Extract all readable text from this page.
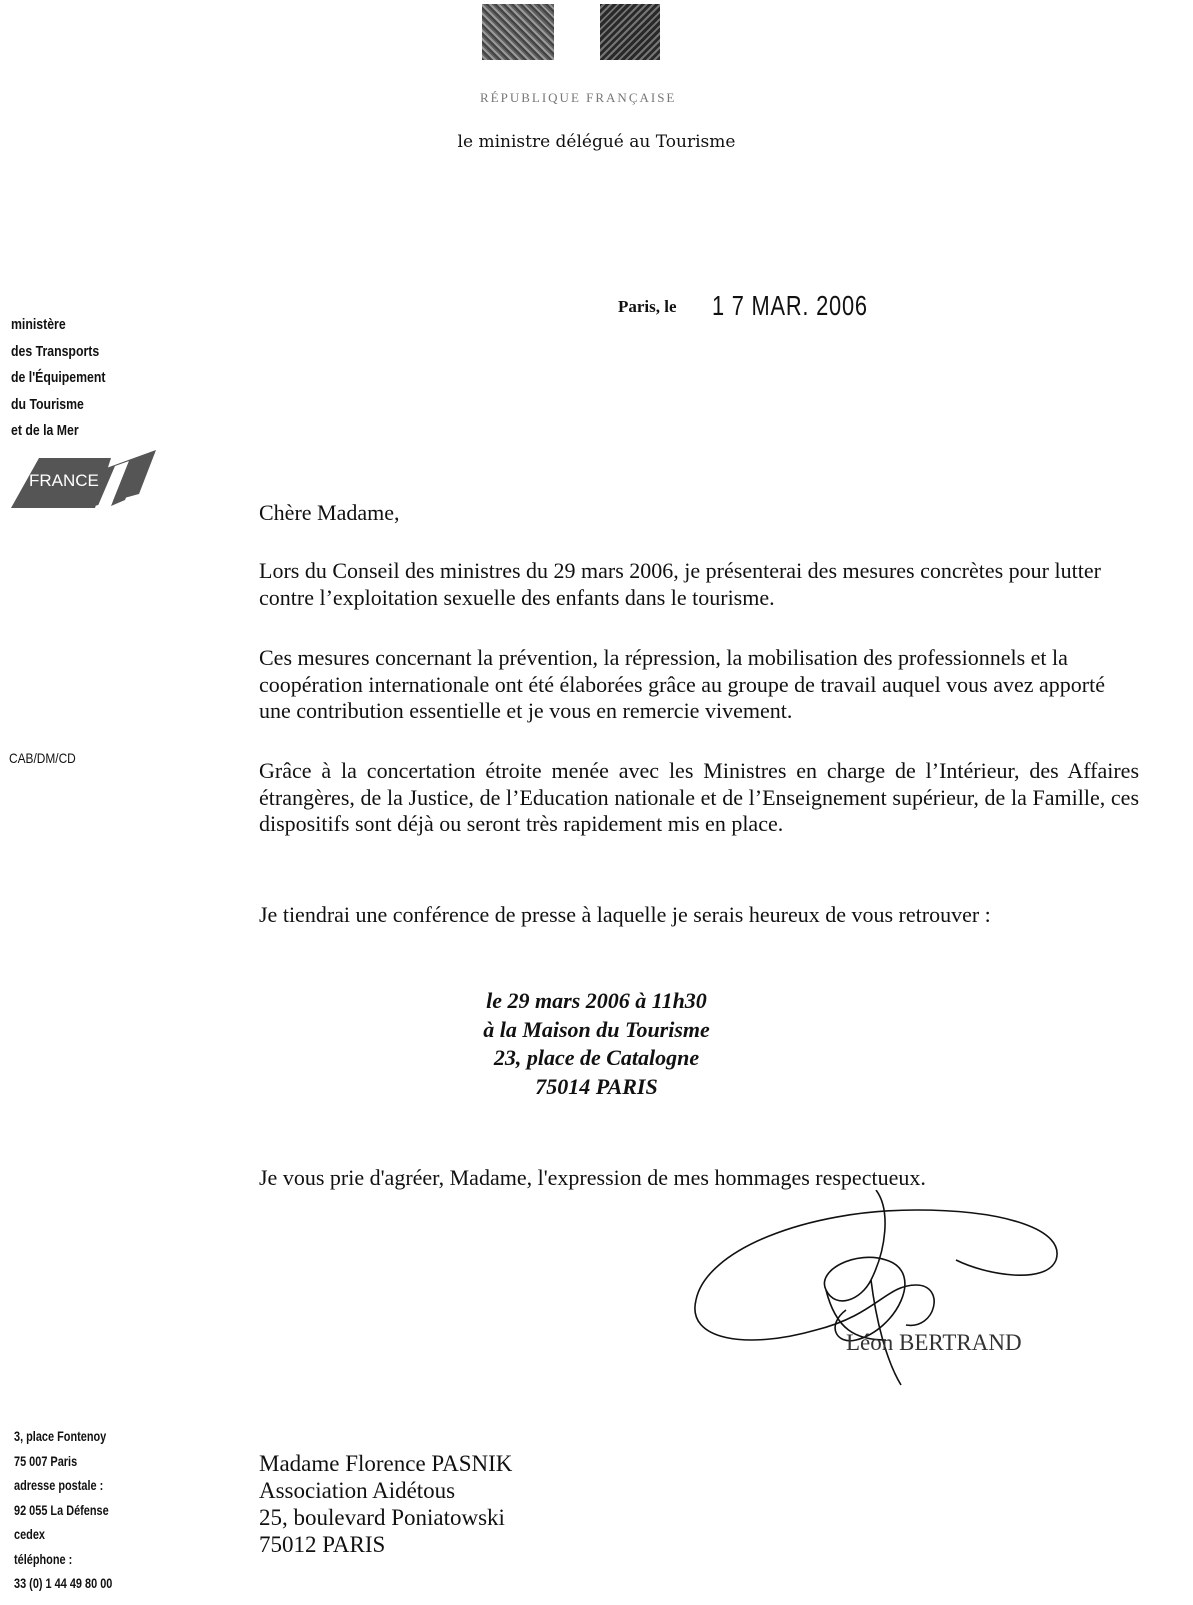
RÉPUBLIQUE FRANÇAISE
le ministre délégué au Tourisme
ministère
des Transports
de l'Équipement
du Tourisme
et de la Mer
FRANCE
CAB/DM/CD
Paris, le 1 7 MAR. 2006
Chère Madame,
Lors du Conseil des ministres du 29 mars 2006, je présenterai des mesures concrètes pour lutter contre l’exploitation sexuelle des enfants dans le tourisme.
Ces mesures concernant la prévention, la répression, la mobilisation des professionnels et la coopération internationale ont été élaborées grâce au groupe de travail auquel vous avez apporté une contribution essentielle et je vous en remercie vivement.
Grâce à la concertation étroite menée avec les Ministres en charge de l’Intérieur, des Affaires étrangères, de la Justice, de l’Education nationale et de l’Enseignement supérieur, de la Famille, ces dispositifs sont déjà ou seront très rapidement mis en place.
Je tiendrai une conférence de presse à laquelle je serais heureux de vous retrouver :
le 29 mars 2006 à 11h30
à la Maison du Tourisme
23, place de Catalogne
75014 PARIS
Je vous prie d'agréer, Madame, l'expression de mes hommages respectueux.
Léon BERTRAND
Madame Florence PASNIK
Association Aidétous
25, boulevard Poniatowski
75012 PARIS
3, place Fontenoy
75 007 Paris
adresse postale :
92 055 La Défense
cedex
téléphone :
33 (0) 1 44 49 80 00
